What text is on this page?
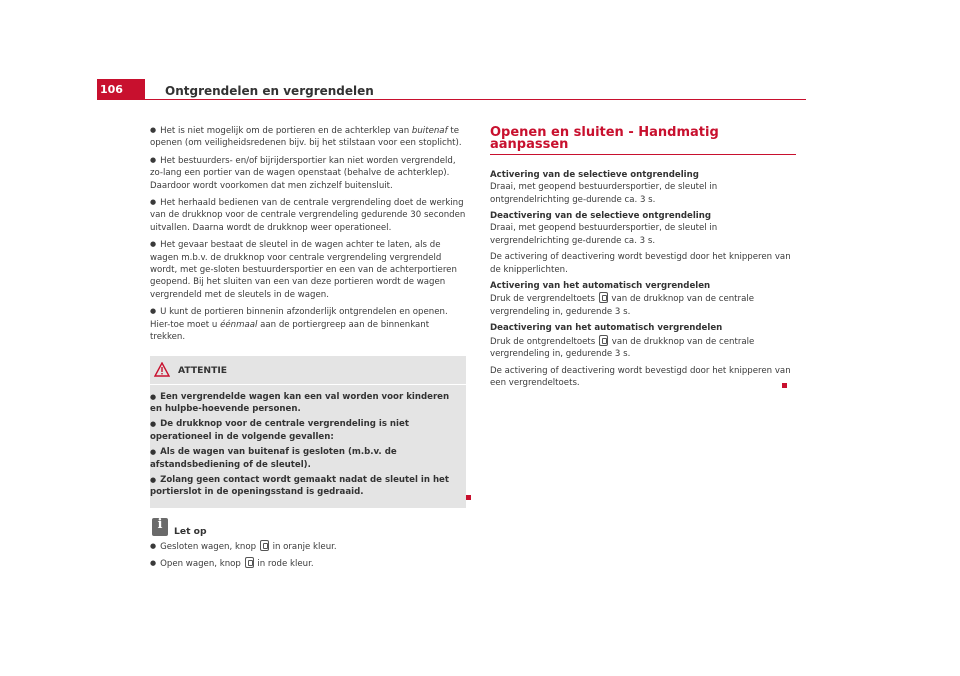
106	Ontgrendelen en vergrendelen

● Het is niet mogelijk om de portieren en de achterklep van buitenaf te openen (om veiligheidsredenen bijv. bij het stilstaan voor een stoplicht).

● Het bestuurders- en/of bijrijdersportier kan niet worden vergrendeld, zo-lang een portier van de wagen openstaat (behalve de achterklep). Daardoor wordt voorkomen dat men zichzelf buitensluit.

● Het herhaald bedienen van de centrale vergrendeling doet de werking van de drukknop voor de centrale vergrendeling gedurende 30 seconden uitvallen. Daarna wordt de drukknop weer operationeel.

● Het gevaar bestaat de sleutel in de wagen achter te laten, als de wagen m.b.v. de drukknop voor centrale vergrendeling vergrendeld wordt, met ge-sloten bestuurdersportier en een van de achterportieren geopend. Bij het sluiten van een van deze portieren wordt de wagen vergrendeld met de sleutels in de wagen.

● U kunt de portieren binnenin afzonderlijk ontgrendelen en openen. Hier-toe moet u éénmaal aan de portiergreep aan de binnenkant trekken.

ATTENTIE

● Een vergrendelde wagen kan een val worden voor kinderen en hulpbe-hoevende personen.

● De drukknop voor de centrale vergrendeling is niet operationeel in de volgende gevallen:

● Als de wagen van buitenaf is gesloten (m.b.v. de afstandsbediening of de sleutel).

● Zolang geen contact wordt gemaakt nadat de sleutel in het portierslot in de openingsstand is gedraaid.

i	Let op

● Gesloten wagen, knop  in oranje kleur.

● Open wagen, knop  in rode kleur.

Openen en sluiten - Handmatig aanpassen

Activering van de selectieve ontgrendeling

Draai, met geopend bestuurdersportier, de sleutel in ontgrendelrichting ge-durende ca. 3 s.

Deactivering van de selectieve ontgrendeling

Draai, met geopend bestuurdersportier, de sleutel in vergrendelrichting ge-durende ca. 3 s.

De activering of deactivering wordt bevestigd door het knipperen van de knipperlichten.

Activering van het automatisch vergrendelen

Druk de vergrendeltoets  van de drukknop van de centrale vergrendeling in, gedurende 3 s.

Deactivering van het automatisch vergrendelen

Druk de ontgrendeltoets  van de drukknop van de centrale vergrendeling in, gedurende 3 s.

De activering of deactivering wordt bevestigd door het knipperen van een vergrendeltoets.
